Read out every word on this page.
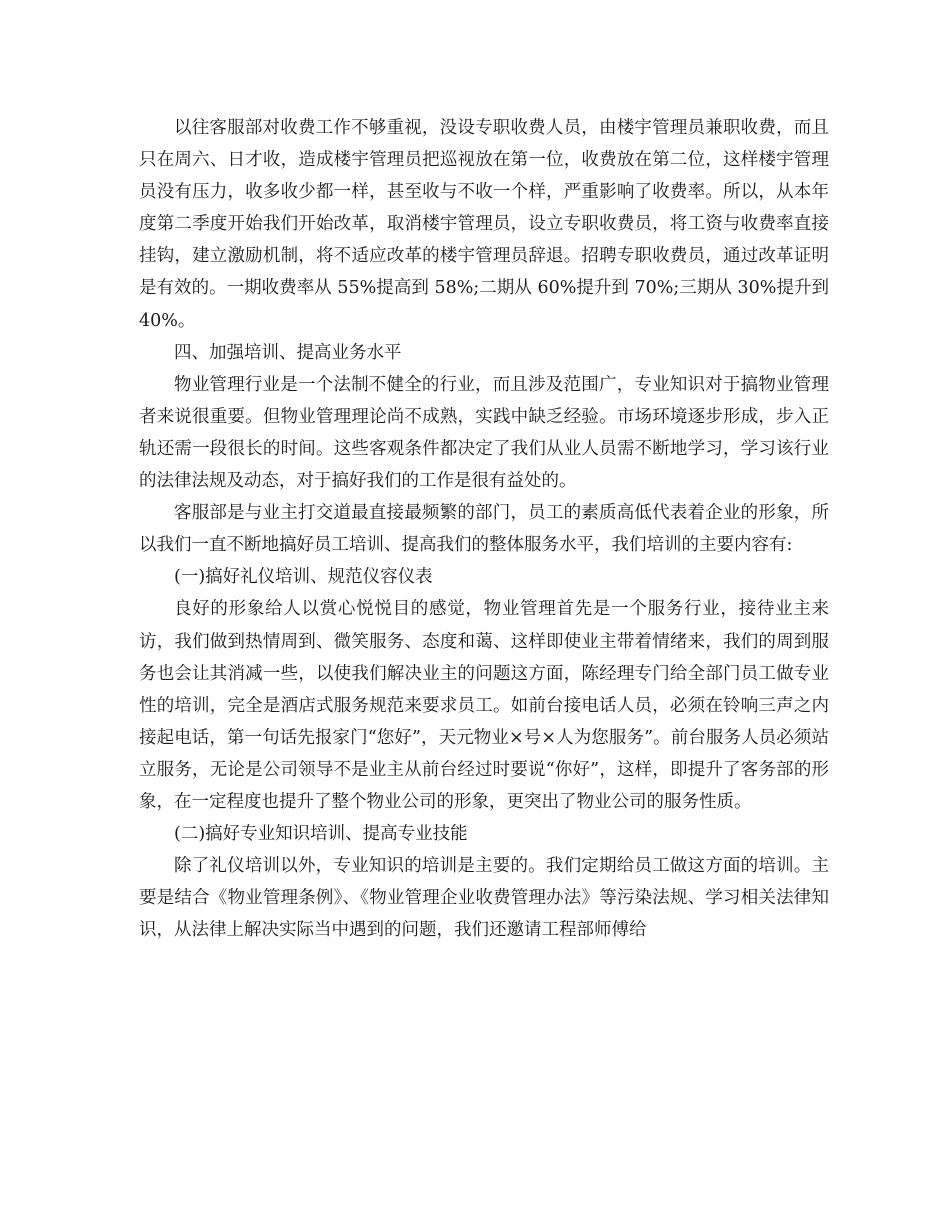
以往客服部对收费工作不够重视，没设专职收费人员，由楼宇管理员兼职收费，而且只在周六、日才收，造成楼宇管理员把巡视放在第一位，收费放在第二位，这样楼宇管理员没有压力，收多收少都一样，甚至收与不收一个样，严重影响了收费率。所以，从本年度第二季度开始我们开始改革，取消楼宇管理员，设立专职收费员，将工资与收费率直接挂钩，建立激励机制，将不适应改革的楼宇管理员辞退。招聘专职收费员，通过改革证明是有效的。一期收费率从 55%提高到 58%;二期从 60%提升到 70%;三期从 30%提升到 40%。

四、加强培训、提高业务水平

物业管理行业是一个法制不健全的行业，而且涉及范围广，专业知识对于搞物业管理者来说很重要。但物业管理理论尚不成熟，实践中缺乏经验。市场环境逐步形成，步入正轨还需一段很长的时间。这些客观条件都决定了我们从业人员需不断地学习，学习该行业的法律法规及动态，对于搞好我们的工作是很有益处的。

客服部是与业主打交道最直接最频繁的部门，员工的素质高低代表着企业的形象，所以我们一直不断地搞好员工培训、提高我们的整体服务水平，我们培训的主要内容有:

(一)搞好礼仪培训、规范仪容仪表

良好的形象给人以赏心悦悦目的感觉，物业管理首先是一个服务行业，接待业主来访，我们做到热情周到、微笑服务、态度和蔼、这样即使业主带着情绪来，我们的周到服务也会让其消减一些，以使我们解决业主的问题这方面，陈经理专门给全部门员工做专业性的培训，完全是酒店式服务规范来要求员工。如前台接电话人员，必须在铃响三声之内接起电话，第一句话先报家门“您好”，天元物业×号×人为您服务”。前台服务人员必须站立服务，无论是公司领导不是业主从前台经过时要说“你好”，这样，即提升了客务部的形象，在一定程度也提升了整个物业公司的形象，更突出了物业公司的服务性质。

(二)搞好专业知识培训、提高专业技能

除了礼仪培训以外，专业知识的培训是主要的。我们定期给员工做这方面的培训。主要是结合《物业管理条例》、《物业管理企业收费管理办法》等污染法规、学习相关法律知识，从法律上解决实际当中遇到的问题，我们还邀请工程部师傅给
